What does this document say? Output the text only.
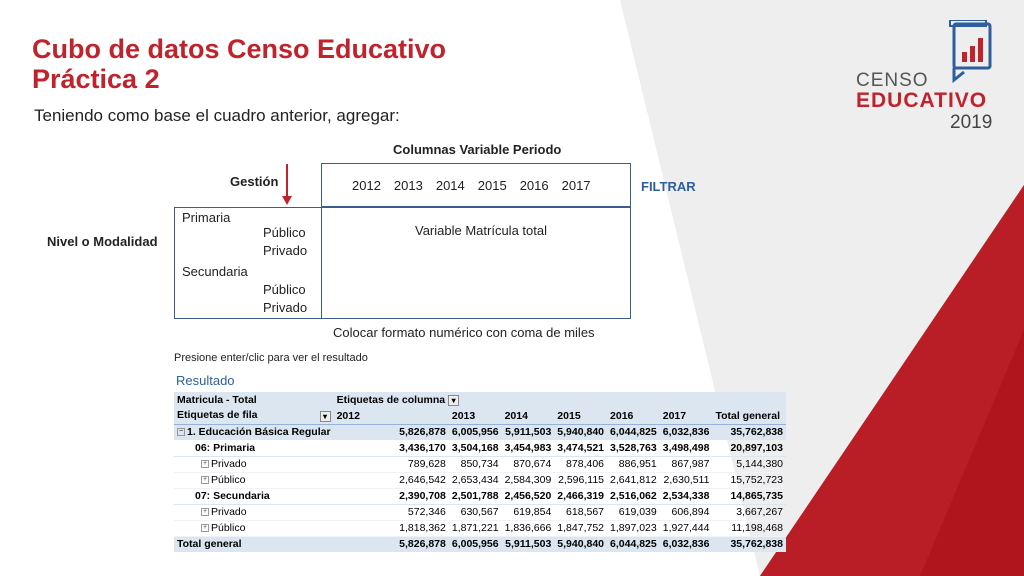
Cubo de datos Censo Educativo
Práctica 2
Teniendo como base el cuadro anterior, agregar:
CENSO
EDUCATIVO
2019
Columnas Variable Periodo
Gestión	2012 2013 2014 2015 2016 2017	FILTRAR
Nivel o Modalidad
Primaria
Público
Privado
Secundaria
Público
Privado
Variable Matrícula total
Colocar formato numérico con coma de miles
Presione enter/clic para ver el resultado
Resultado
Matricula - Total	Etiquetas de columna ▾						
Etiquetas de fila ▾	2012	2013	2014	2015	2016	2017	Total general
− 1. Educación Básica Regular	5,826,878	6,005,956	5,911,503	5,940,840	6,044,825	6,032,836	35,762,838
06: Primaria	3,436,170	3,504,168	3,454,983	3,474,521	3,528,763	3,498,498	20,897,103
+ Privado	789,628	850,734	870,674	878,406	886,951	867,987	5,144,380
+ Público	2,646,542	2,653,434	2,584,309	2,596,115	2,641,812	2,630,511	15,752,723
07: Secundaria	2,390,708	2,501,788	2,456,520	2,466,319	2,516,062	2,534,338	14,865,735
+ Privado	572,346	630,567	619,854	618,567	619,039	606,894	3,667,267
+ Público	1,818,362	1,871,221	1,836,666	1,847,752	1,897,023	1,927,444	11,198,468
Total general	5,826,878	6,005,956	5,911,503	5,940,840	6,044,825	6,032,836	35,762,838
